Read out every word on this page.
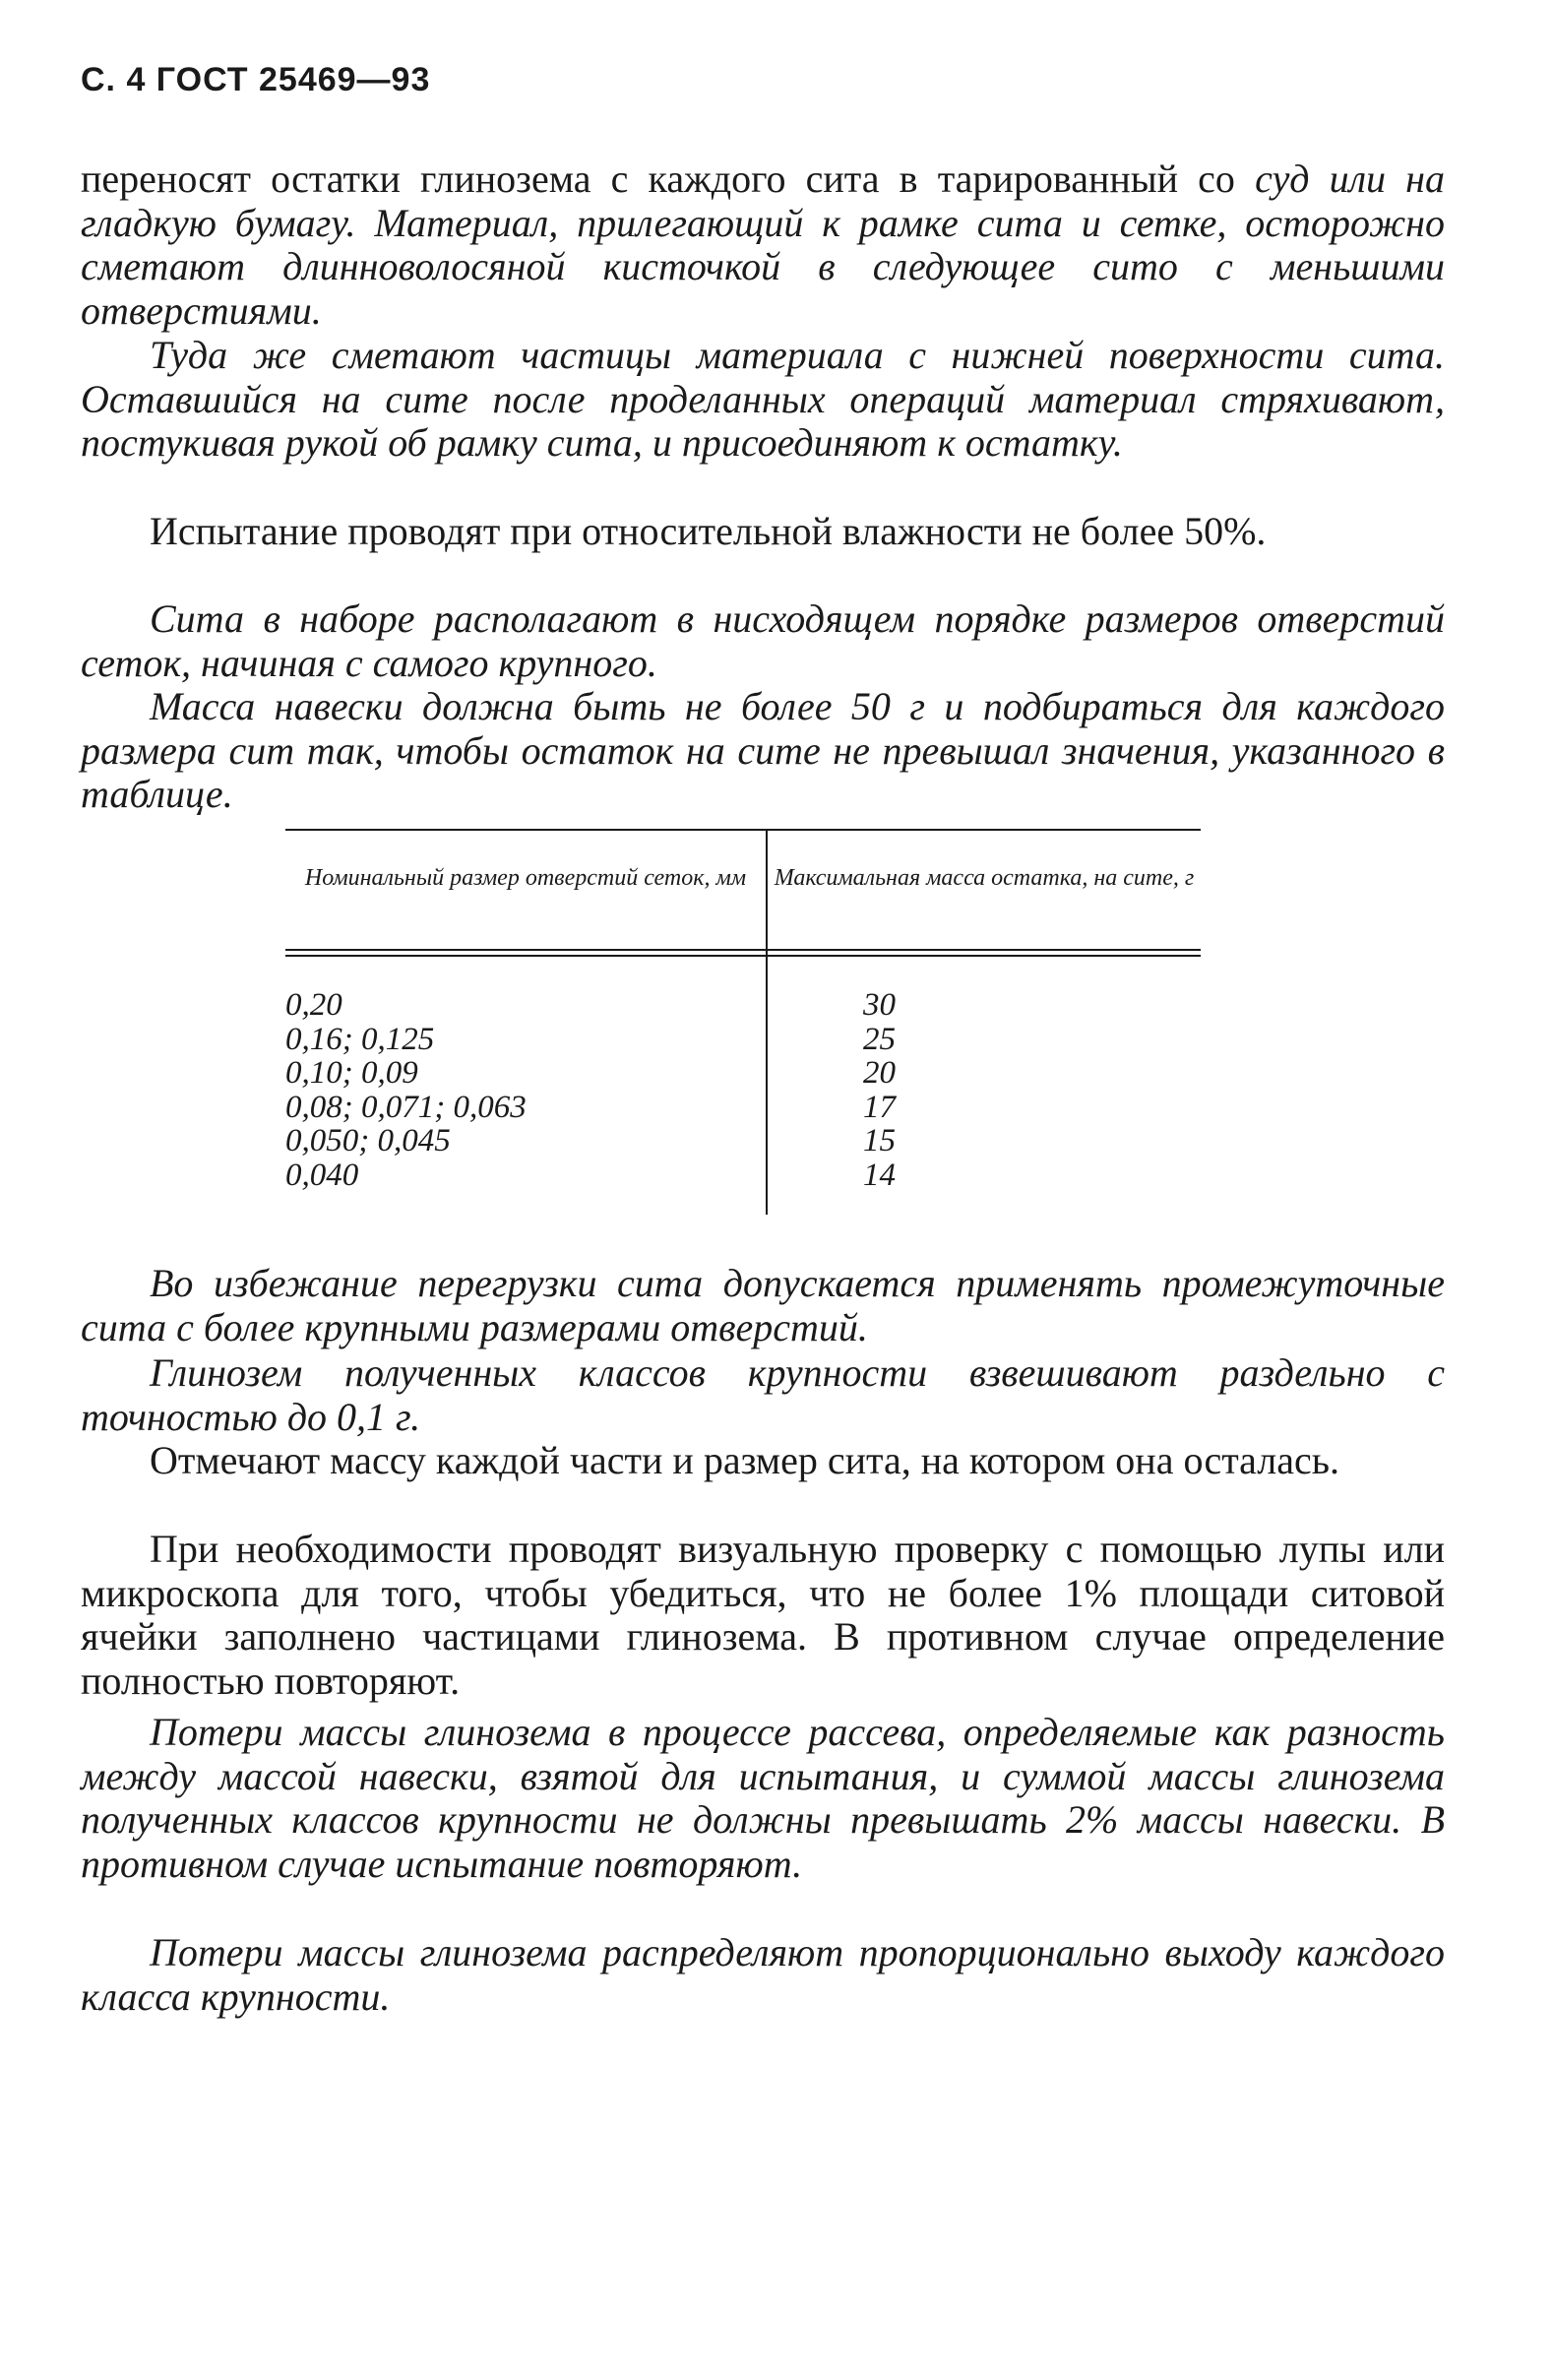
С. 4 ГОСТ 25469—93

переносят остатки глинозема с каждого сита в тарированный со суд или на гладкую бумагу. Материал, прилегающий к рамке сита и сетке, осторожно сметают длинноволосяной кисточкой в следующее сито с меньшими отверстиями.

Туда же сметают частицы материала с нижней поверхности сита. Оставшийся на сите после проделанных операций материал стряхивают, постукивая рукой об рамку сита, и присоединяют к остатку.

Испытание проводят при относительной влажности не более 50%.

Сита в наборе располагают в нисходящем порядке размеров отверстий сеток, начиная с самого крупного.

Масса навески должна быть не более 50 г и подбираться для каждого размера сит так, чтобы остаток на сите не превышал значения, указанного в таблице.

Номинальный размер отверстий сеток, мм	Максимальная масса остатка, на сите, г
0,20
0,16; 0,125
0,10; 0,09
0,08; 0,071; 0,063
0,050; 0,045
0,040
30
25
20
17
15
14

Во избежание перегрузки сита допускается применять промежуточные сита с более крупными размерами отверстий.

Глинозем полученных классов крупности взвешивают раздельно с точностью до 0,1 г.

Отмечают массу каждой части и размер сита, на котором она осталась.

При необходимости проводят визуальную проверку с помощью лупы или микроскопа для того, чтобы убедиться, что не более 1% площади ситовой ячейки заполнено частицами глинозема. В противном случае определение полностью повторяют.

Потери массы глинозема в процессе рассева, определяемые как разность между массой навески, взятой для испытания, и суммой массы глинозема полученных классов крупности не должны превышать 2% массы навески. В противном случае испытание повторяют.

Потери массы глинозема распределяют пропорционально выходу каждого класса крупности.
